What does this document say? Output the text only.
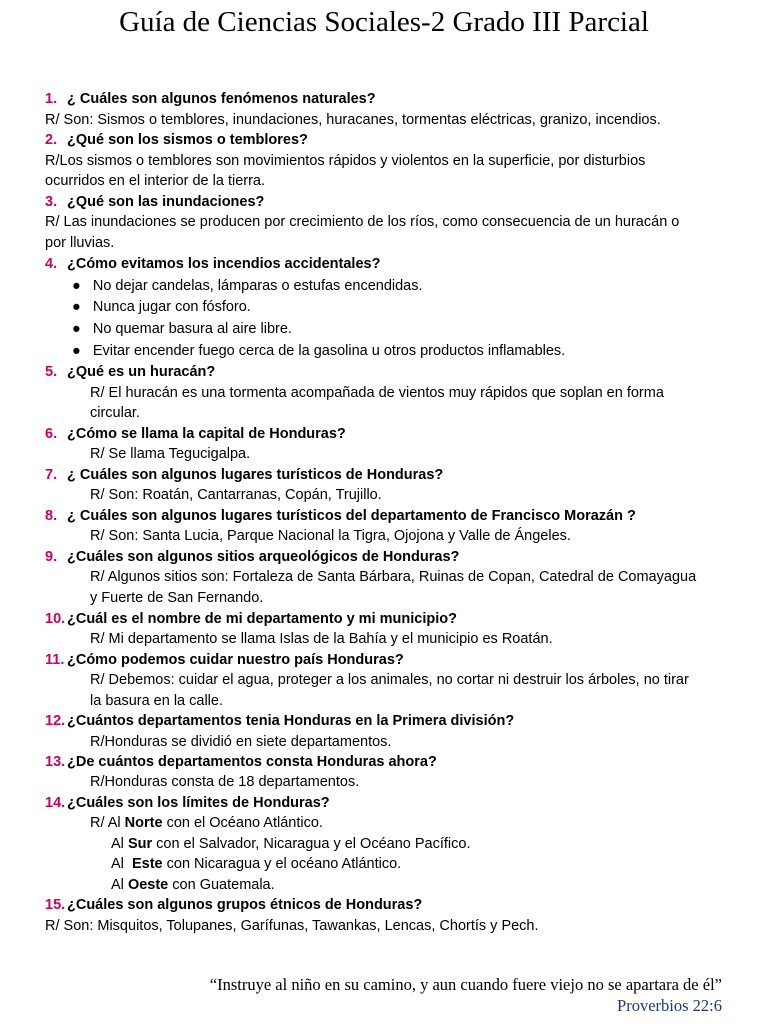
Guía de Ciencias Sociales-2 Grado III Parcial
1. ¿ Cuáles son algunos fenómenos naturales?
R/ Son: Sismos o temblores, inundaciones, huracanes, tormentas eléctricas, granizo, incendios.
2. ¿Qué son los sismos o temblores?
R/Los sismos o temblores son movimientos rápidos y violentos en la superficie, por disturbios
ocurridos en el interior de la tierra.
3. ¿Qué son las inundaciones?
R/ Las inundaciones se producen por crecimiento de los ríos, como consecuencia de un huracán o
por lluvias.
4. ¿Cómo evitamos los incendios accidentales?
● No dejar candelas, lámparas o estufas encendidas.
● Nunca jugar con fósforo.
● No quemar basura al aire libre.
● Evitar encender fuego cerca de la gasolina u otros productos inflamables.
5. ¿Qué es un huracán?
R/ El huracán es una tormenta acompañada de vientos muy rápidos que soplan en forma
circular.
6. ¿Cómo se llama la capital de Honduras?
R/ Se llama Tegucigalpa.
7. ¿ Cuáles son algunos lugares turísticos de Honduras?
R/ Son: Roatán, Cantarranas, Copán, Trujillo.
8. ¿ Cuáles son algunos lugares turísticos del departamento de Francisco Morazán ?
R/ Son: Santa Lucia, Parque Nacional la Tigra, Ojojona y Valle de Ángeles.
9. ¿Cuáles son algunos sitios arqueológicos de Honduras?
R/ Algunos sitios son: Fortaleza de Santa Bárbara, Ruinas de Copan, Catedral de Comayagua
y Fuerte de San Fernando.
10. ¿Cuál es el nombre de mi departamento y mi municipio?
R/ Mi departamento se llama Islas de la Bahía y el municipio es Roatán.
11. ¿Cómo podemos cuidar nuestro país Honduras?
R/ Debemos: cuidar el agua, proteger a los animales, no cortar ni destruir los árboles, no tirar
la basura en la calle.
12. ¿Cuántos departamentos tenia Honduras en la Primera división?
R/Honduras se dividió en siete departamentos.
13. ¿De cuántos departamentos consta Honduras ahora?
R/Honduras consta de 18 departamentos.
14. ¿Cuáles son los límites de Honduras?
R/ Al Norte con el Océano Atlántico.
Al Sur con el Salvador, Nicaragua y el Océano Pacífico.
Al Este con Nicaragua y el océano Atlántico.
Al Oeste con Guatemala.
15. ¿Cuáles son algunos grupos étnicos de Honduras?
R/ Son: Misquitos, Tolupanes, Garífunas, Tawankas, Lencas, Chortís y Pech.
“Instruye al niño en su camino, y aun cuando fuere viejo no se apartara de él”
Proverbios 22:6
